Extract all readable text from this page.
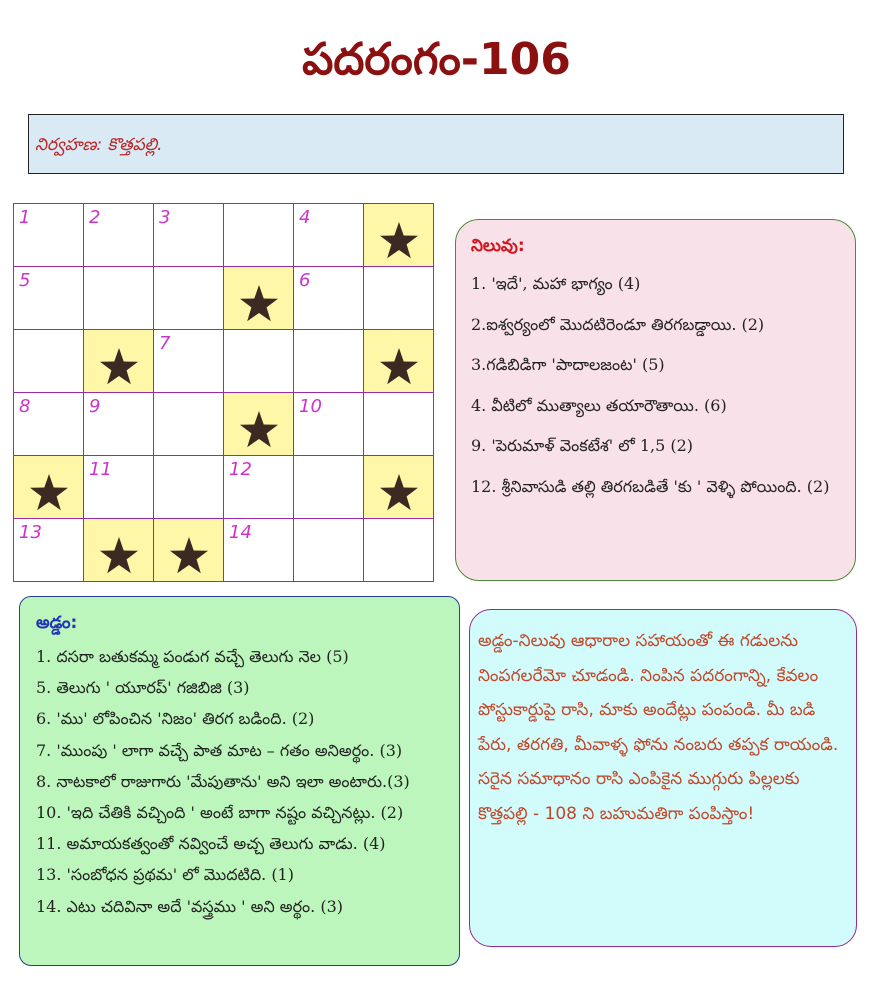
పదరంగం-106
నిర్వహణ: కొత్తపల్లి.
1	2	3		4

5				6	

7

8	9			10	

11		12

13			14		

నిలువు:
1. 'ఇదే', మహా భాగ్యం (4)
2.ఐశ్వర్యంలో మొదటిరెండూ తిరగబడ్డాయి. (2)
3.గడిబిడిగా 'పాదాలజంట' (5)
4. వీటిలో ముత్యాలు తయారౌతాయి. (6)
9. 'పెరుమాళ్ వెంకటేశ' లో 1,5 (2)
12. శ్రీనివాసుడి తల్లి తిరగబడితే 'కు ' వెళ్ళి పోయింది. (2)
అడ్డం:
1. దసరా బతుకమ్మ పండుగ వచ్చే తెలుగు నెల (5)
5. తెలుగు ' యూరప్' గజిబిజి (3)
6. 'ము' లోపించిన 'నిజం' తిరగ బడింది. (2)
7. 'ముంపు ' లాగా వచ్చే పాత మాట – గతం అనిఅర్థం. (3)
8. నాటకాలో రాజుగారు 'మేపుతాను' అని ఇలా అంటారు.(3)
10. 'ఇది చేతికి వచ్చింది ' అంటే బాగా నష్టం వచ్చినట్లు. (2)
11. అమాయకత్వంతో నవ్వించే అచ్చ తెలుగు వాడు. (4)
13. 'సంబోధన ప్రథమ' లో మొదటిది. (1)
14. ఎటు చదివినా అదే 'వస్త్రము ' అని అర్థం. (3)
అడ్డం-నిలువు ఆధారాల సహాయంతో ఈ గడులను నింపగలరేమో చూడండి. నింపిన పదరంగాన్ని, కేవలం పోస్టుకార్డుపై రాసి, మాకు అందేట్లు పంపండి. మీ బడి పేరు, తరగతి, మీవాళ్ళ ఫోను నంబరు తప్పక రాయండి. సరైన సమాధానం రాసి ఎంపికైన ముగ్గురు పిల్లలకు కొత్తపల్లి - 108 ని బహుమతిగా పంపిస్తాం!
